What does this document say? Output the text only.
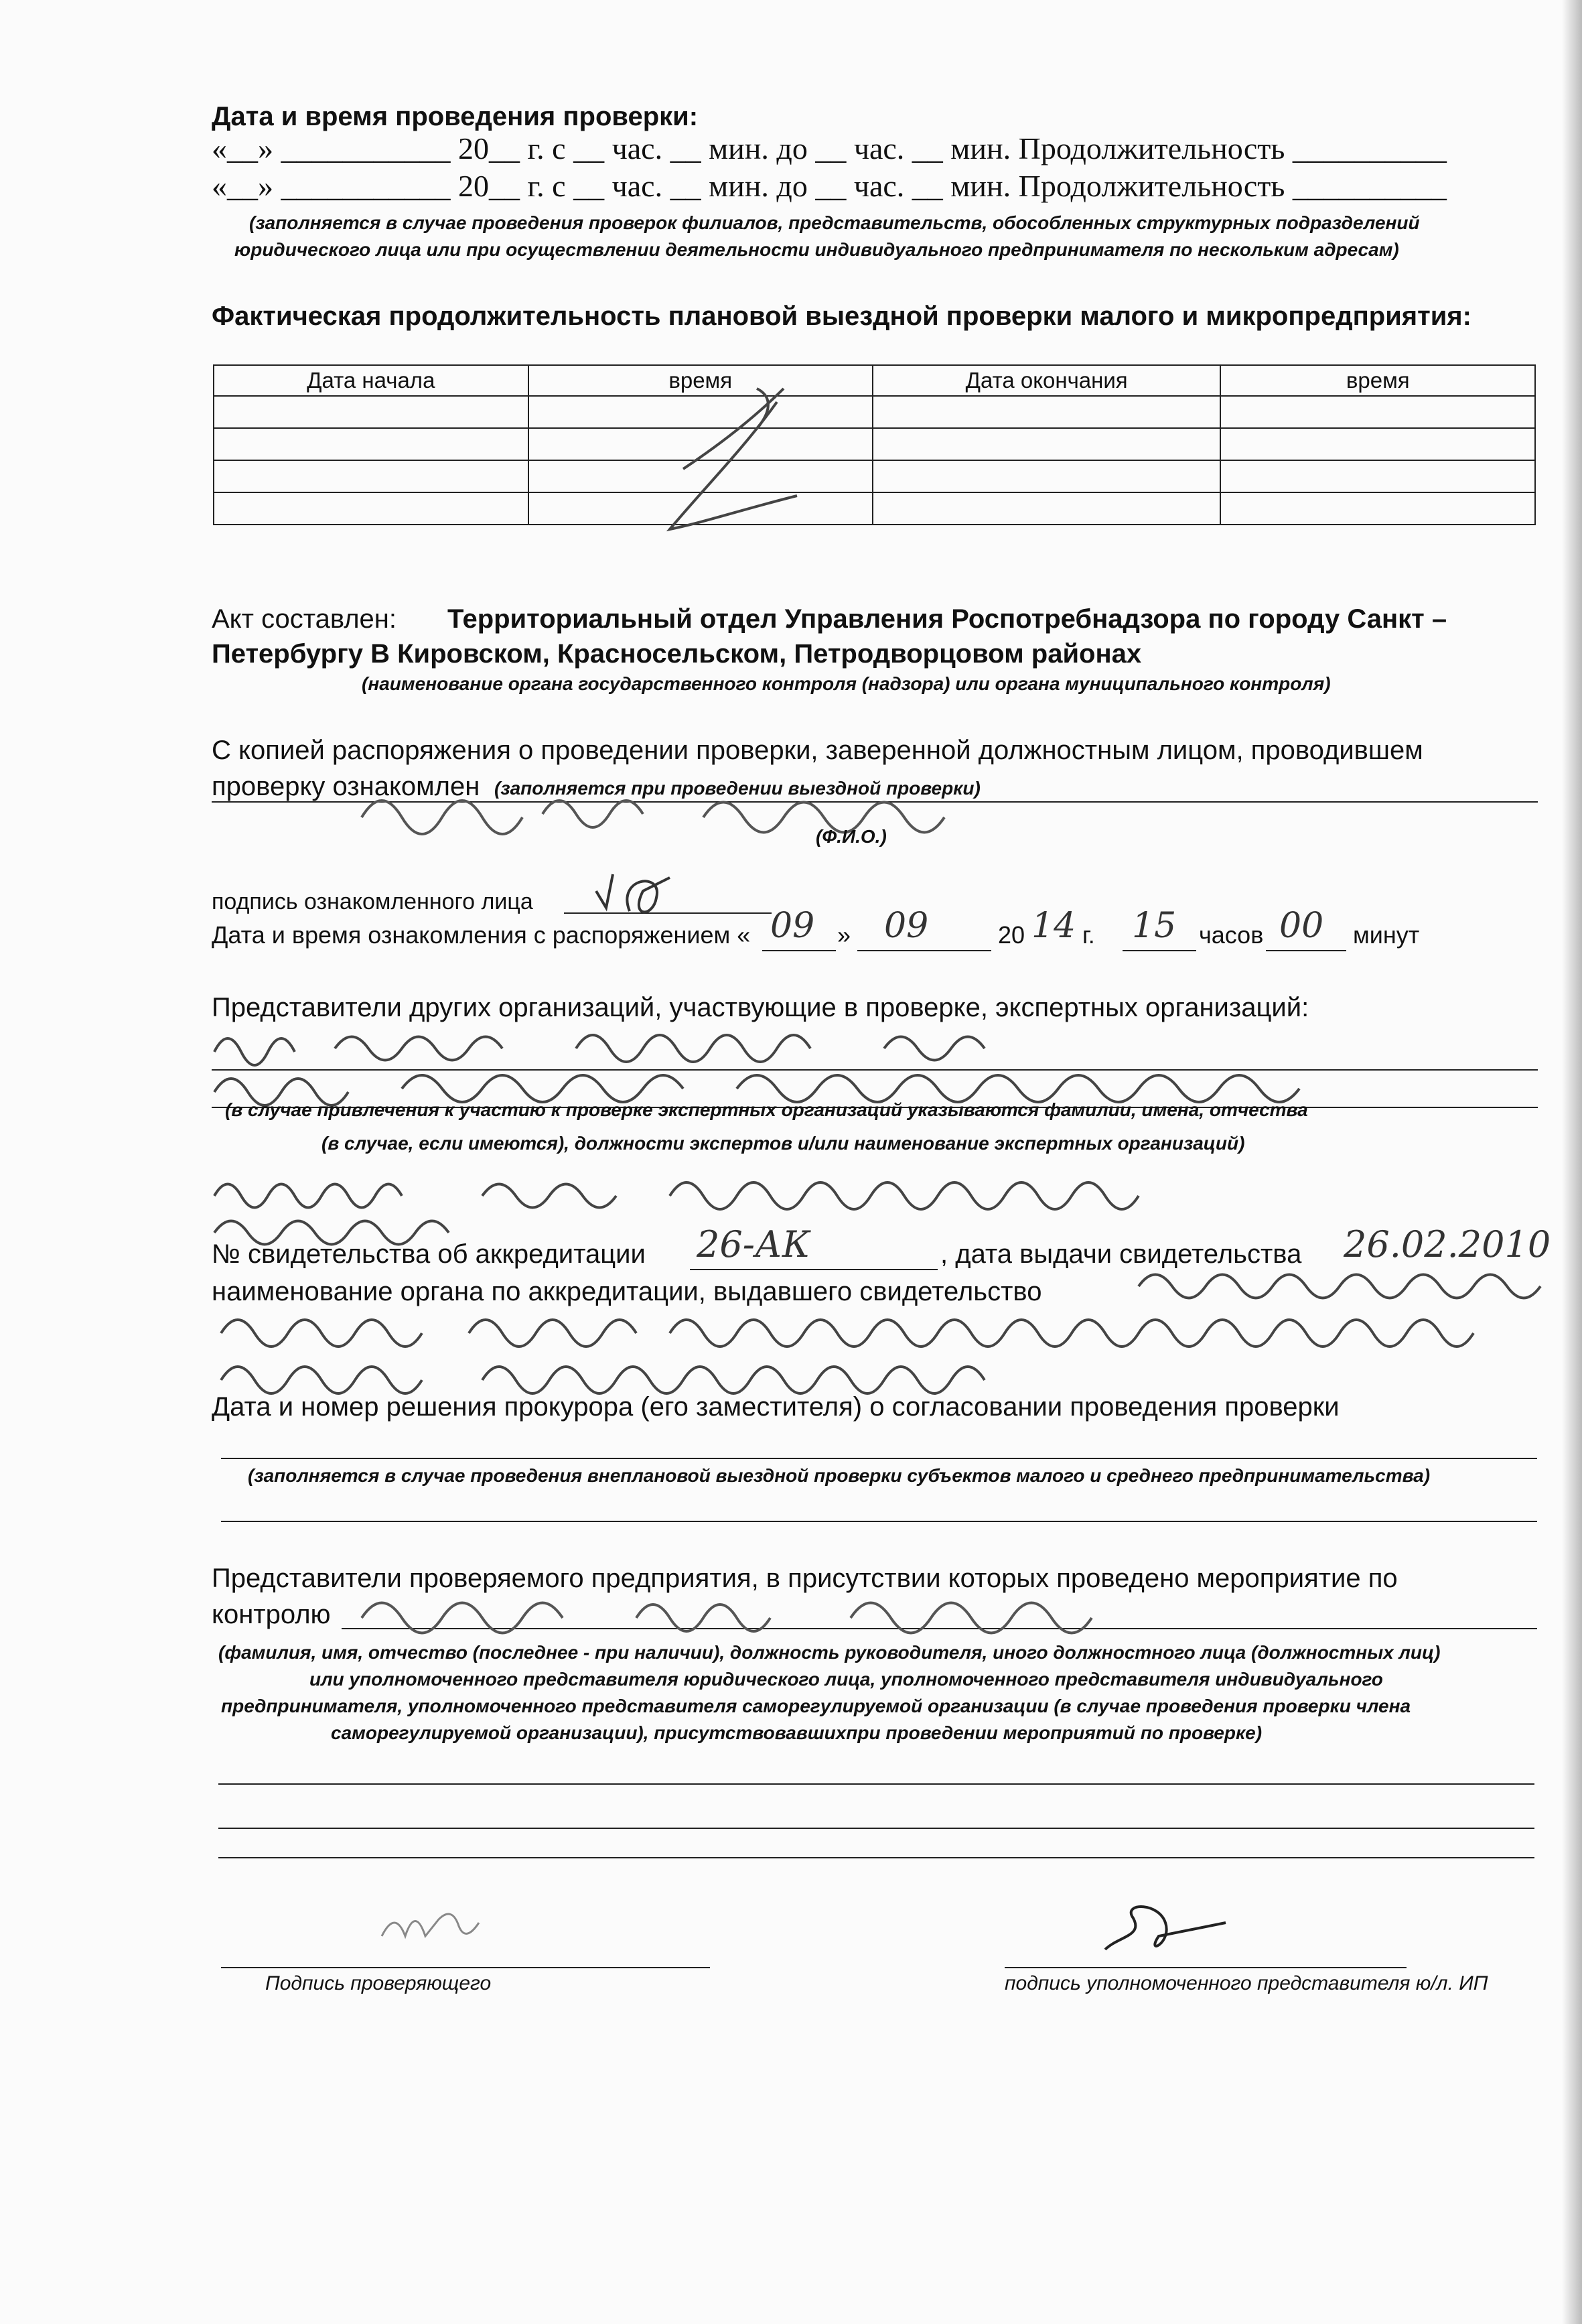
Дата и время проведения проверки:
«__» ___________ 20__ г. с __ час. __ мин. до __ час. __ мин. Продолжительность __________
«__» ___________ 20__ г. с __ час. __ мин. до __ час. __ мин. Продолжительность __________
(заполняется в случае проведения проверок филиалов, представительств, обособленных структурных подразделений
юридического лица или при осуществлении деятельности индивидуального предпринимателя по нескольким адресам)
Фактическая продолжительность плановой выездной проверки малого и микропредприятия:
Дата начала	время	Дата окончания	время

Акт составлен: Территориальный отдел Управления Роспотребнадзора по городу Санкт –
Петербургу В Кировском, Красносельском, Петродворцовом районах
(наименование органа государственного контроля (надзора) или органа муниципального контроля)
С копией распоряжения о проведении проверки, заверенной должностным лицом, проводившем
проверку ознакомлен (заполняется при проведении выездной проверки)
(Ф.И.О.)
подпись ознакомленного лица
Дата и время ознакомления с распоряжением « 09 » 09	20 14 г. 15 часов 00 минут
Представители других организаций, участвующие в проверке, экспертных организаций:
(в случае привлечения к участию к проверке экспертных организаций указываются фамилии, имена, отчества
(в случае, если имеются), должности экспертов и/или наименование экспертных организаций)
№ свидетельства об аккредитации 26-АК	, дата выдачи свидетельства 26.02.2010
наименование органа по аккредитации, выдавшего свидетельство
Дата и номер решения прокурора (его заместителя) о согласовании проведения проверки
(заполняется в случае проведения внеплановой выездной проверки субъектов малого и среднего предпринимательства)
Представители проверяемого предприятия, в присутствии которых проведено мероприятие по
контролю
(фамилия, имя, отчество (последнее - при наличии), должность руководителя, иного должностного лица (должностных лиц)
или уполномоченного представителя юридического лица, уполномоченного представителя индивидуального
предпринимателя, уполномоченного представителя саморегулируемой организации (в случае проведения проверки члена
саморегулируемой организации), присутствовавшихпри проведении мероприятий по проверке)
Подпись проверяющего	подпись уполномоченного представителя ю/л. ИП
